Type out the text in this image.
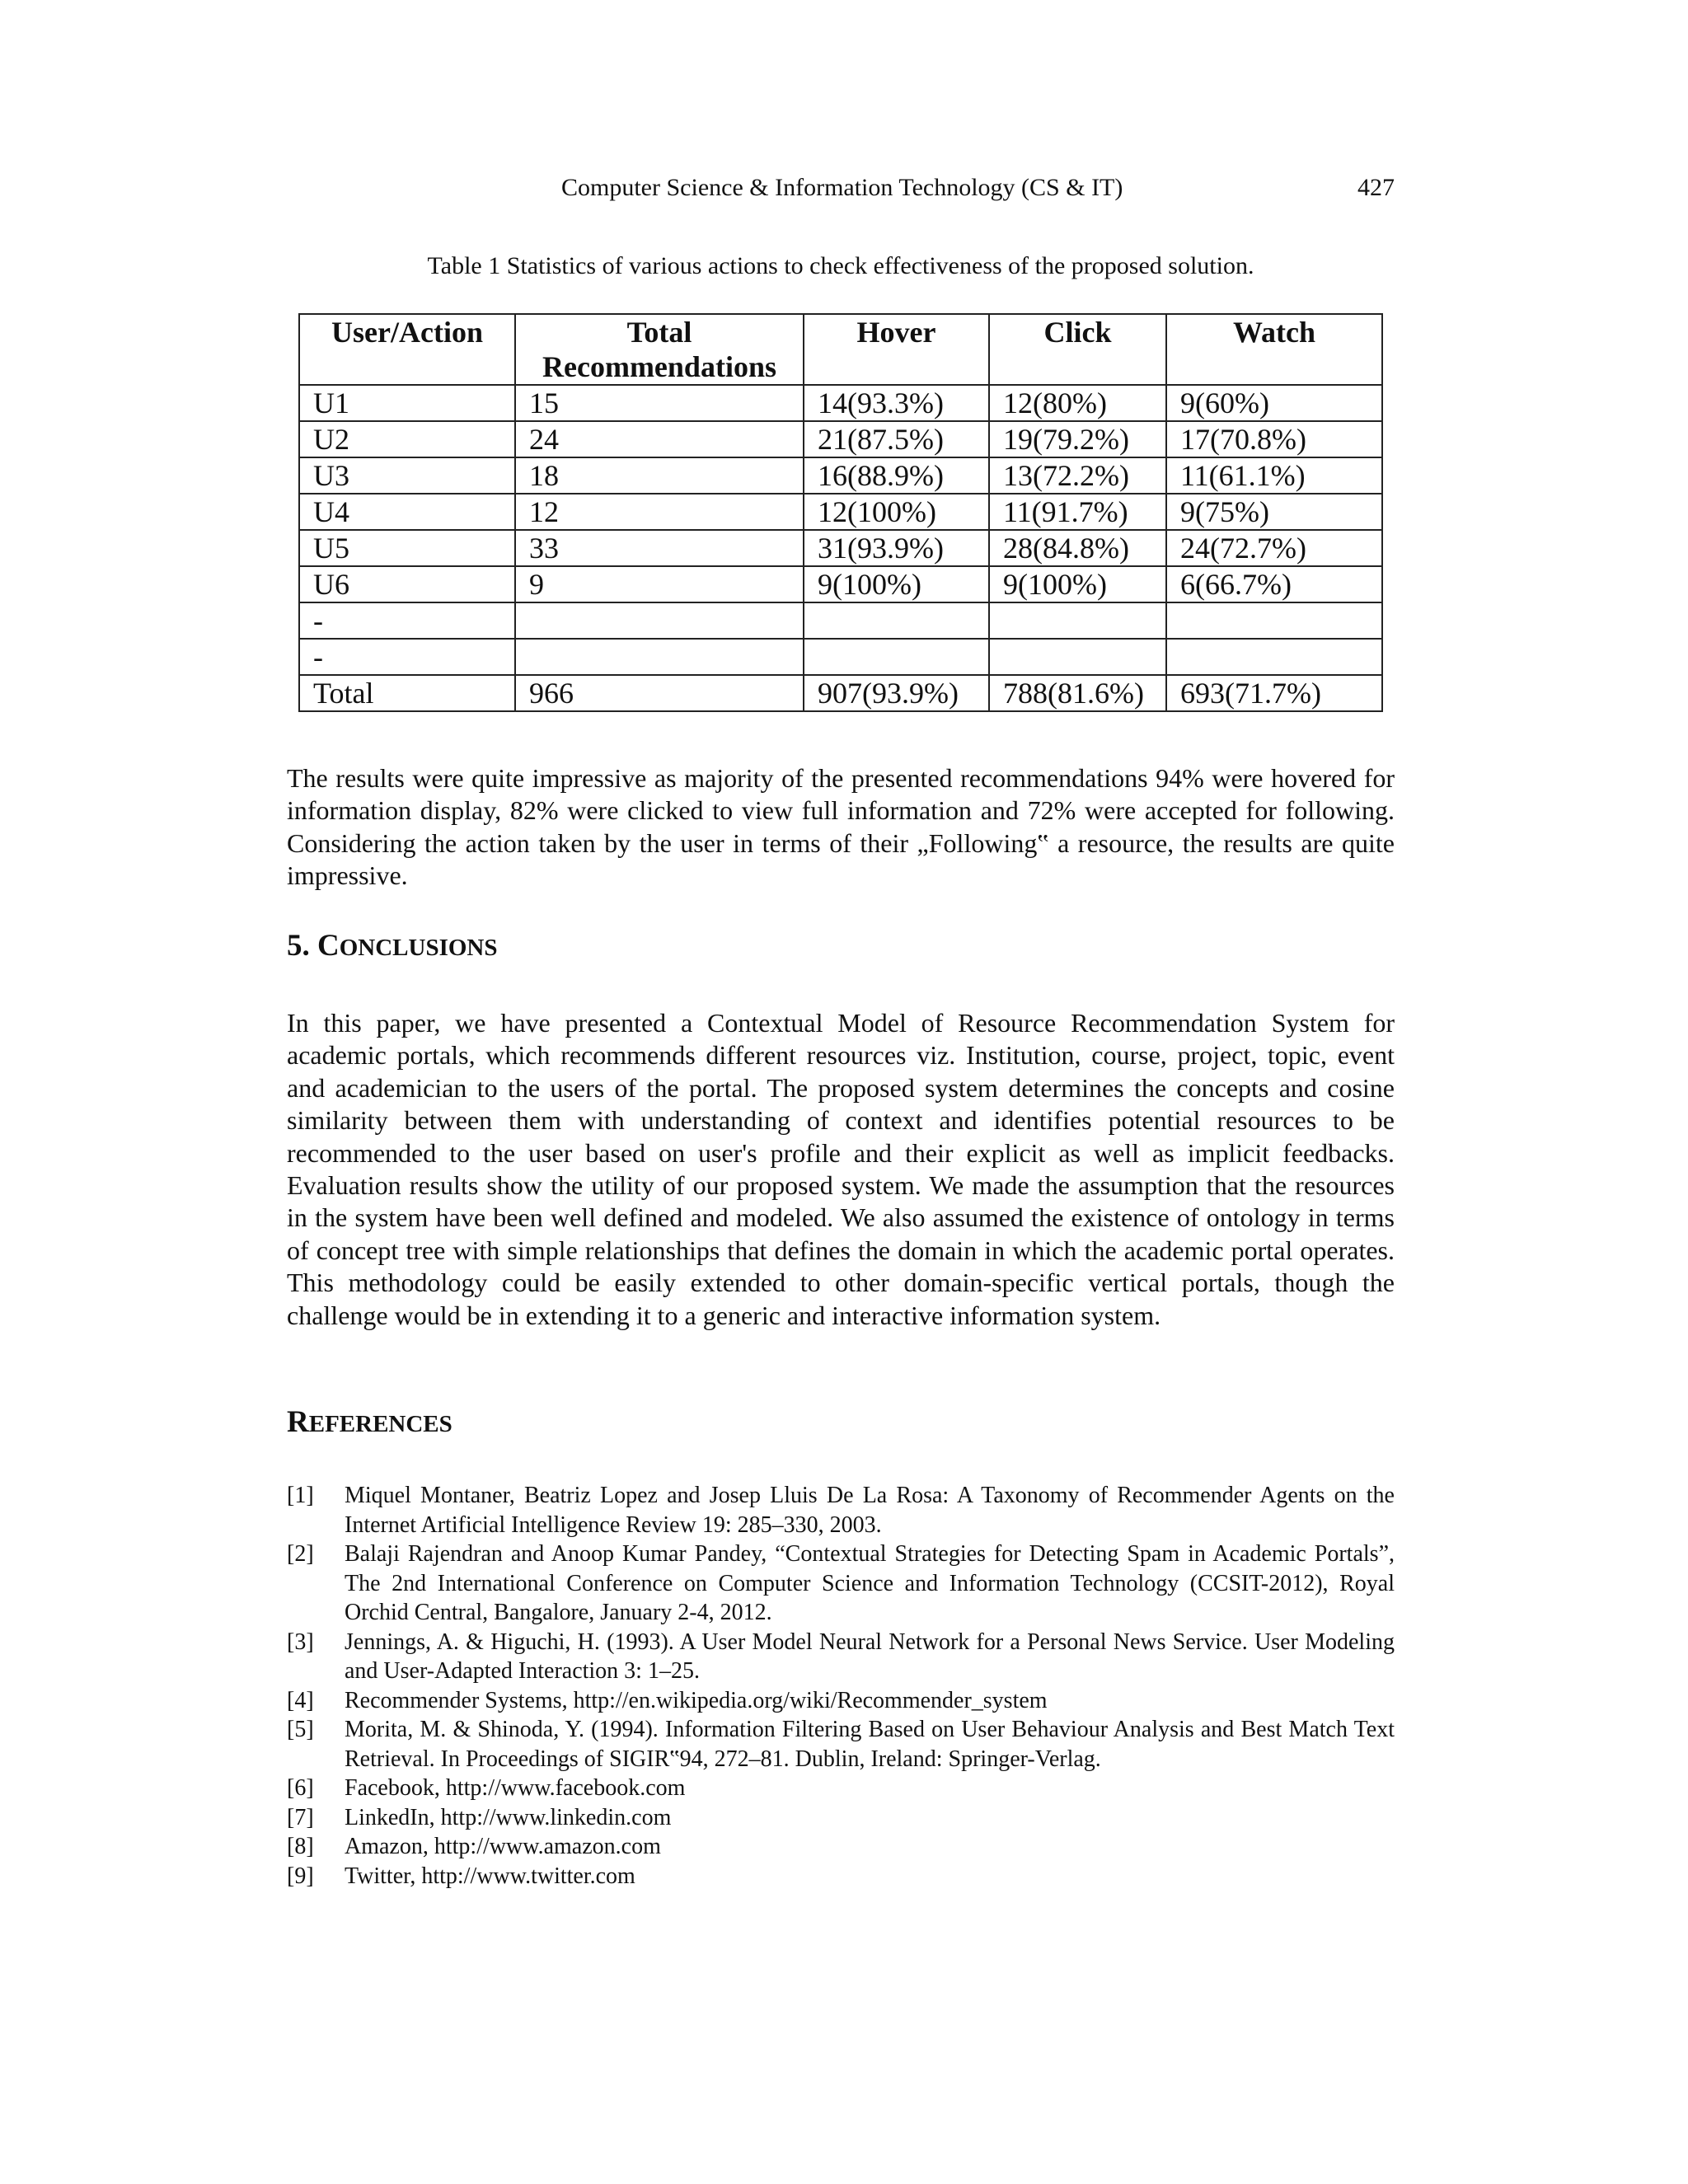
Computer Science & Information Technology (CS & IT)	427
Table 1 Statistics of various actions to check effectiveness of the proposed solution.
User/Action	Total Recommendations	Hover	Click	Watch
U1	15	14(93.3%)	12(80%)	9(60%)
U2	24	21(87.5%)	19(79.2%)	17(70.8%)
U3	18	16(88.9%)	13(72.2%)	11(61.1%)
U4	12	12(100%)	11(91.7%)	9(75%)
U5	33	31(93.9%)	28(84.8%)	24(72.7%)
U6	9	9(100%)	9(100%)	6(66.7%)
-				
-				
Total	966	907(93.9%)	788(81.6%)	693(71.7%)

The results were quite impressive as majority of the presented recommendations 94% were hovered for information display, 82% were clicked to view full information and 72% were accepted for following. Considering the action taken by the user in terms of their „Following‟ a resource, the results are quite impressive.

5. CONCLUSIONS

In this paper, we have presented a Contextual Model of Resource Recommendation System for academic portals, which recommends different resources viz. Institution, course, project, topic, event and academician to the users of the portal. The proposed system determines the concepts and cosine similarity between them with understanding of context and identifies potential resources to be recommended to the user based on user's profile and their explicit as well as implicit feedbacks. Evaluation results show the utility of our proposed system. We made the assumption that the resources in the system have been well defined and modeled. We also assumed the existence of ontology in terms of concept tree with simple relationships that defines the domain in which the academic portal operates. This methodology could be easily extended to other domain-specific vertical portals, though the challenge would be in extending it to a generic and interactive information system.

REFERENCES
[1] Miquel Montaner, Beatriz Lopez and Josep Lluis De La Rosa: A Taxonomy of Recommender Agents on the Internet Artificial Intelligence Review 19: 285–330, 2003.
[2] Balaji Rajendran and Anoop Kumar Pandey, “Contextual Strategies for Detecting Spam in Academic Portals”, The 2nd International Conference on Computer Science and Information Technology (CCSIT-2012), Royal Orchid Central, Bangalore, January 2-4, 2012.
[3] Jennings, A. & Higuchi, H. (1993). A User Model Neural Network for a Personal News Service. User Modeling and User-Adapted Interaction 3: 1–25.
[4] Recommender Systems, http://en.wikipedia.org/wiki/Recommender_system
[5] Morita, M. & Shinoda, Y. (1994). Information Filtering Based on User Behaviour Analysis and Best Match Text Retrieval. In Proceedings of SIGIR‟94, 272–81. Dublin, Ireland: Springer-Verlag.
[6] Facebook, http://www.facebook.com
[7] LinkedIn, http://www.linkedin.com
[8] Amazon, http://www.amazon.com
[9] Twitter, http://www.twitter.com
